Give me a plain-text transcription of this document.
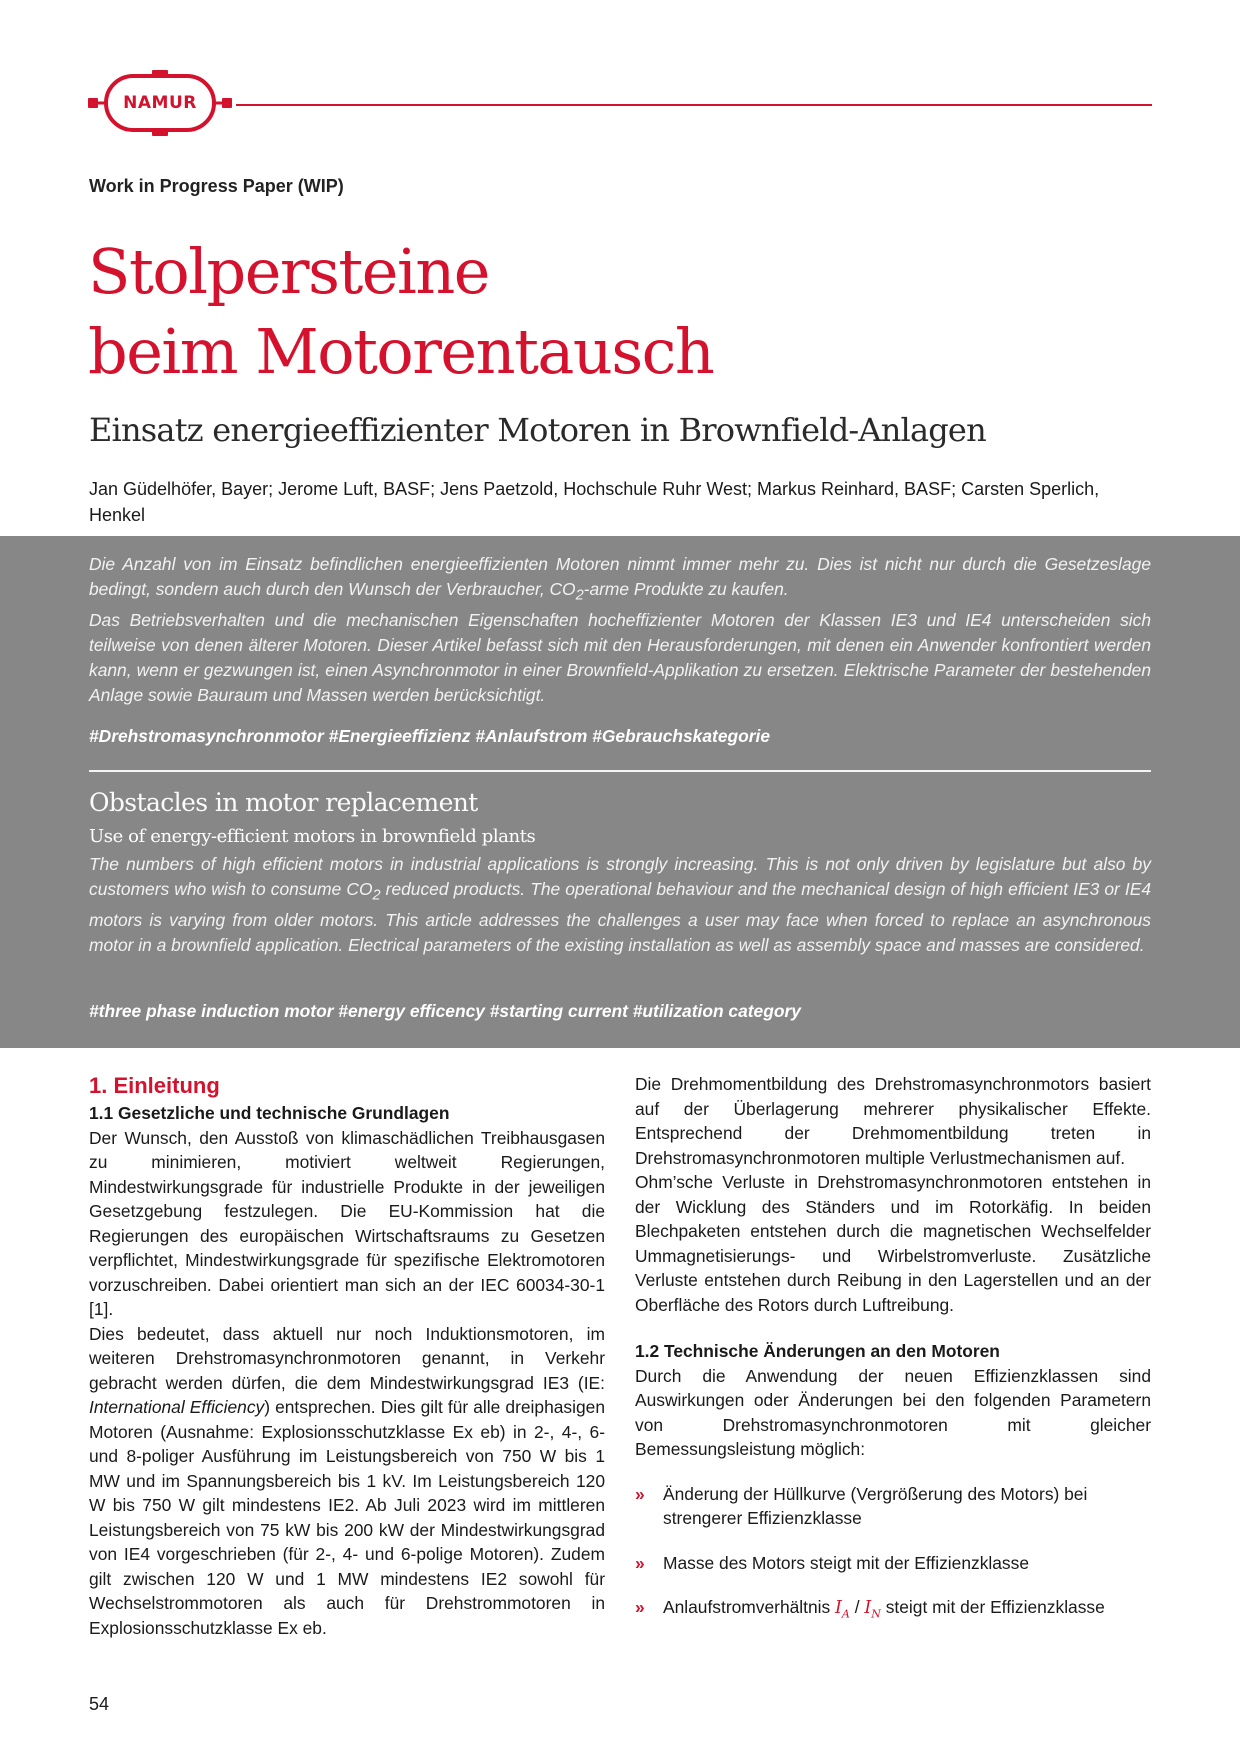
NAMUR
Work in Progress Paper (WIP)
Stolpersteine
beim Motorentausch
Einsatz energieeffizienter Motoren in Brownfield-Anlagen
Jan Güdelhöfer, Bayer; Jerome Luft, BASF; Jens Paetzold, Hochschule Ruhr West; Markus Reinhard, BASF; Carsten Sperlich, Henkel
Die Anzahl von im Einsatz befindlichen energieeffizienten Motoren nimmt immer mehr zu. Dies ist nicht nur durch die Gesetzeslage bedingt, sondern auch durch den Wunsch der Verbraucher, $CO_2$-arme Produkte zu kaufen.
Das Betriebsverhalten und die mechanischen Eigenschaften hocheffizienter Motoren der Klassen IE3 und IE4 unterscheiden sich teilweise von denen älterer Motoren. Dieser Artikel befasst sich mit den Herausforderungen, mit denen ein Anwender konfrontiert werden kann, wenn er gezwungen ist, einen Asynchronmotor in einer Brownfield-Applikation zu ersetzen. Elektrische Parameter der bestehenden Anlage sowie Bauraum und Massen werden berücksichtigt.
#Drehstromasynchronmotor #Energieeffizienz #Anlaufstrom #Gebrauchskategorie
Obstacles in motor replacement
Use of energy-efficient motors in brownfield plants
The numbers of high efficient motors in industrial applications is strongly increasing. This is not only driven by legislature but also by customers who wish to consume $CO_2$ reduced products. The operational behaviour and the mechanical design of high efficient IE3 or IE4 motors is varying from older motors. This article addresses the challenges a user may face when forced to replace an asynchronous motor in a brownfield application. Electrical parameters of the existing installation as well as assembly space and masses are considered.
#three phase induction motor #energy efficency #starting current #utilization category
1. Einleitung
1.1 Gesetzliche und technische Grundlagen

Der Wunsch, den Ausstoß von klimaschädlichen Treibhausgasen zu minimieren, motiviert weltweit Regierungen, Mindestwirkungsgrade für industrielle Produkte in der jeweiligen Gesetzgebung festzulegen. Die EU-Kommission hat die Regierungen des europäischen Wirtschaftsraums zu Gesetzen verpflichtet, Mindestwirkungsgrade für spezifische Elektromotoren vorzuschreiben. Dabei orientiert man sich an der IEC 60034-30-1 [1].

Dies bedeutet, dass aktuell nur noch Induktionsmotoren, im weiteren Drehstromasynchronmotoren genannt, in Verkehr gebracht werden dürfen, die dem Mindestwirkungsgrad IE3 (IE: International Efficiency) entsprechen. Dies gilt für alle dreiphasigen Motoren (Ausnahme: Explosionsschutzklasse Ex eb) in 2-, 4-, 6- und 8-poliger Ausführung im Leistungsbereich von 750 W bis 1 MW und im Spannungsbereich bis 1 kV. Im Leistungsbereich 120 W bis 750 W gilt mindestens IE2. Ab Juli 2023 wird im mittleren Leistungsbereich von 75 kW bis 200 kW der Mindestwirkungsgrad von IE4 vorgeschrieben (für 2-, 4- und 6-polige Motoren). Zudem gilt zwischen 120 W und 1 MW mindestens IE2 sowohl für Wechselstrommotoren als auch für Drehstrommotoren in Explosionsschutzklasse Ex eb.

Die Drehmomentbildung des Drehstromasynchronmotors basiert auf der Überlagerung mehrerer physikalischer Effekte. Entsprechend der Drehmomentbildung treten in Drehstromasynchronmotoren multiple Verlustmechanismen auf.

Ohm’sche Verluste in Drehstromasynchronmotoren entstehen in der Wicklung des Ständers und im Rotorkäfig. In beiden Blechpaketen entstehen durch die magnetischen Wechselfelder Ummagnetisierungs- und Wirbelstromverluste. Zusätzliche Verluste entstehen durch Reibung in den Lagerstellen und an der Oberfläche des Rotors durch Luftreibung.

1.2 Technische Änderungen an den Motoren

Durch die Anwendung der neuen Effizienzklassen sind Auswirkungen oder Änderungen bei den folgenden Parametern von Drehstromasynchronmotoren mit gleicher Bemessungsleistung möglich:

» Änderung der Hüllkurve (Vergrößerung des Motors) bei strengerer Effizienzklasse
» Masse des Motors steigt mit der Effizienzklasse
» Anlaufstromverhältnis $I_A / I_N$ steigt mit der Effizienzklasse
54
